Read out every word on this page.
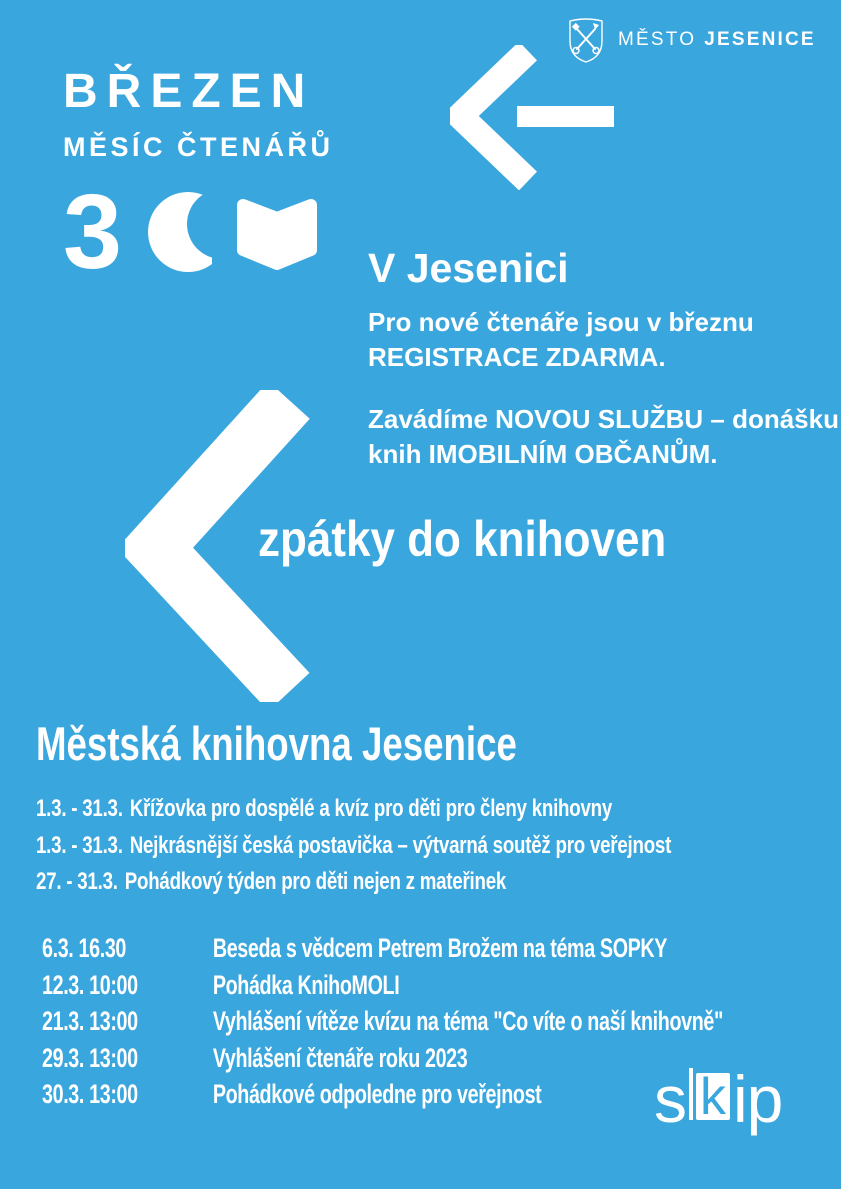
BŘEZEN
MĚSÍC ČTENÁŘŮ
3
MĚSTO JESENICE
V Jesenici
Pro nové čtenáře jsou v březnu
REGISTRACE ZDARMA.
Zavádíme NOVOU SLUŽBU – donášku
knih IMOBILNÍM OBČANŮM.
zpátky do knihoven
Městská knihovna Jesenice
1.3. - 31.3. Křížovka pro dospělé a kvíz pro děti pro členy knihovny
1.3. - 31.3. Nejkrásnější česká postavička – výtvarná soutěž pro veřejnost
27. - 31.3. Pohádkový týden pro děti nejen z mateřinek
6.3. 16.30	Beseda s vědcem Petrem Brožem na téma SOPKY
12.3. 10:00	Pohádka KnihoMOLI
21.3. 13:00	Vyhlášení vítěze kvízu na téma "Co víte o naší knihovně"
29.3. 13:00	Vyhlášení čtenáře roku 2023
30.3. 13:00	Pohádkové odpoledne pro veřejnost s k ip
